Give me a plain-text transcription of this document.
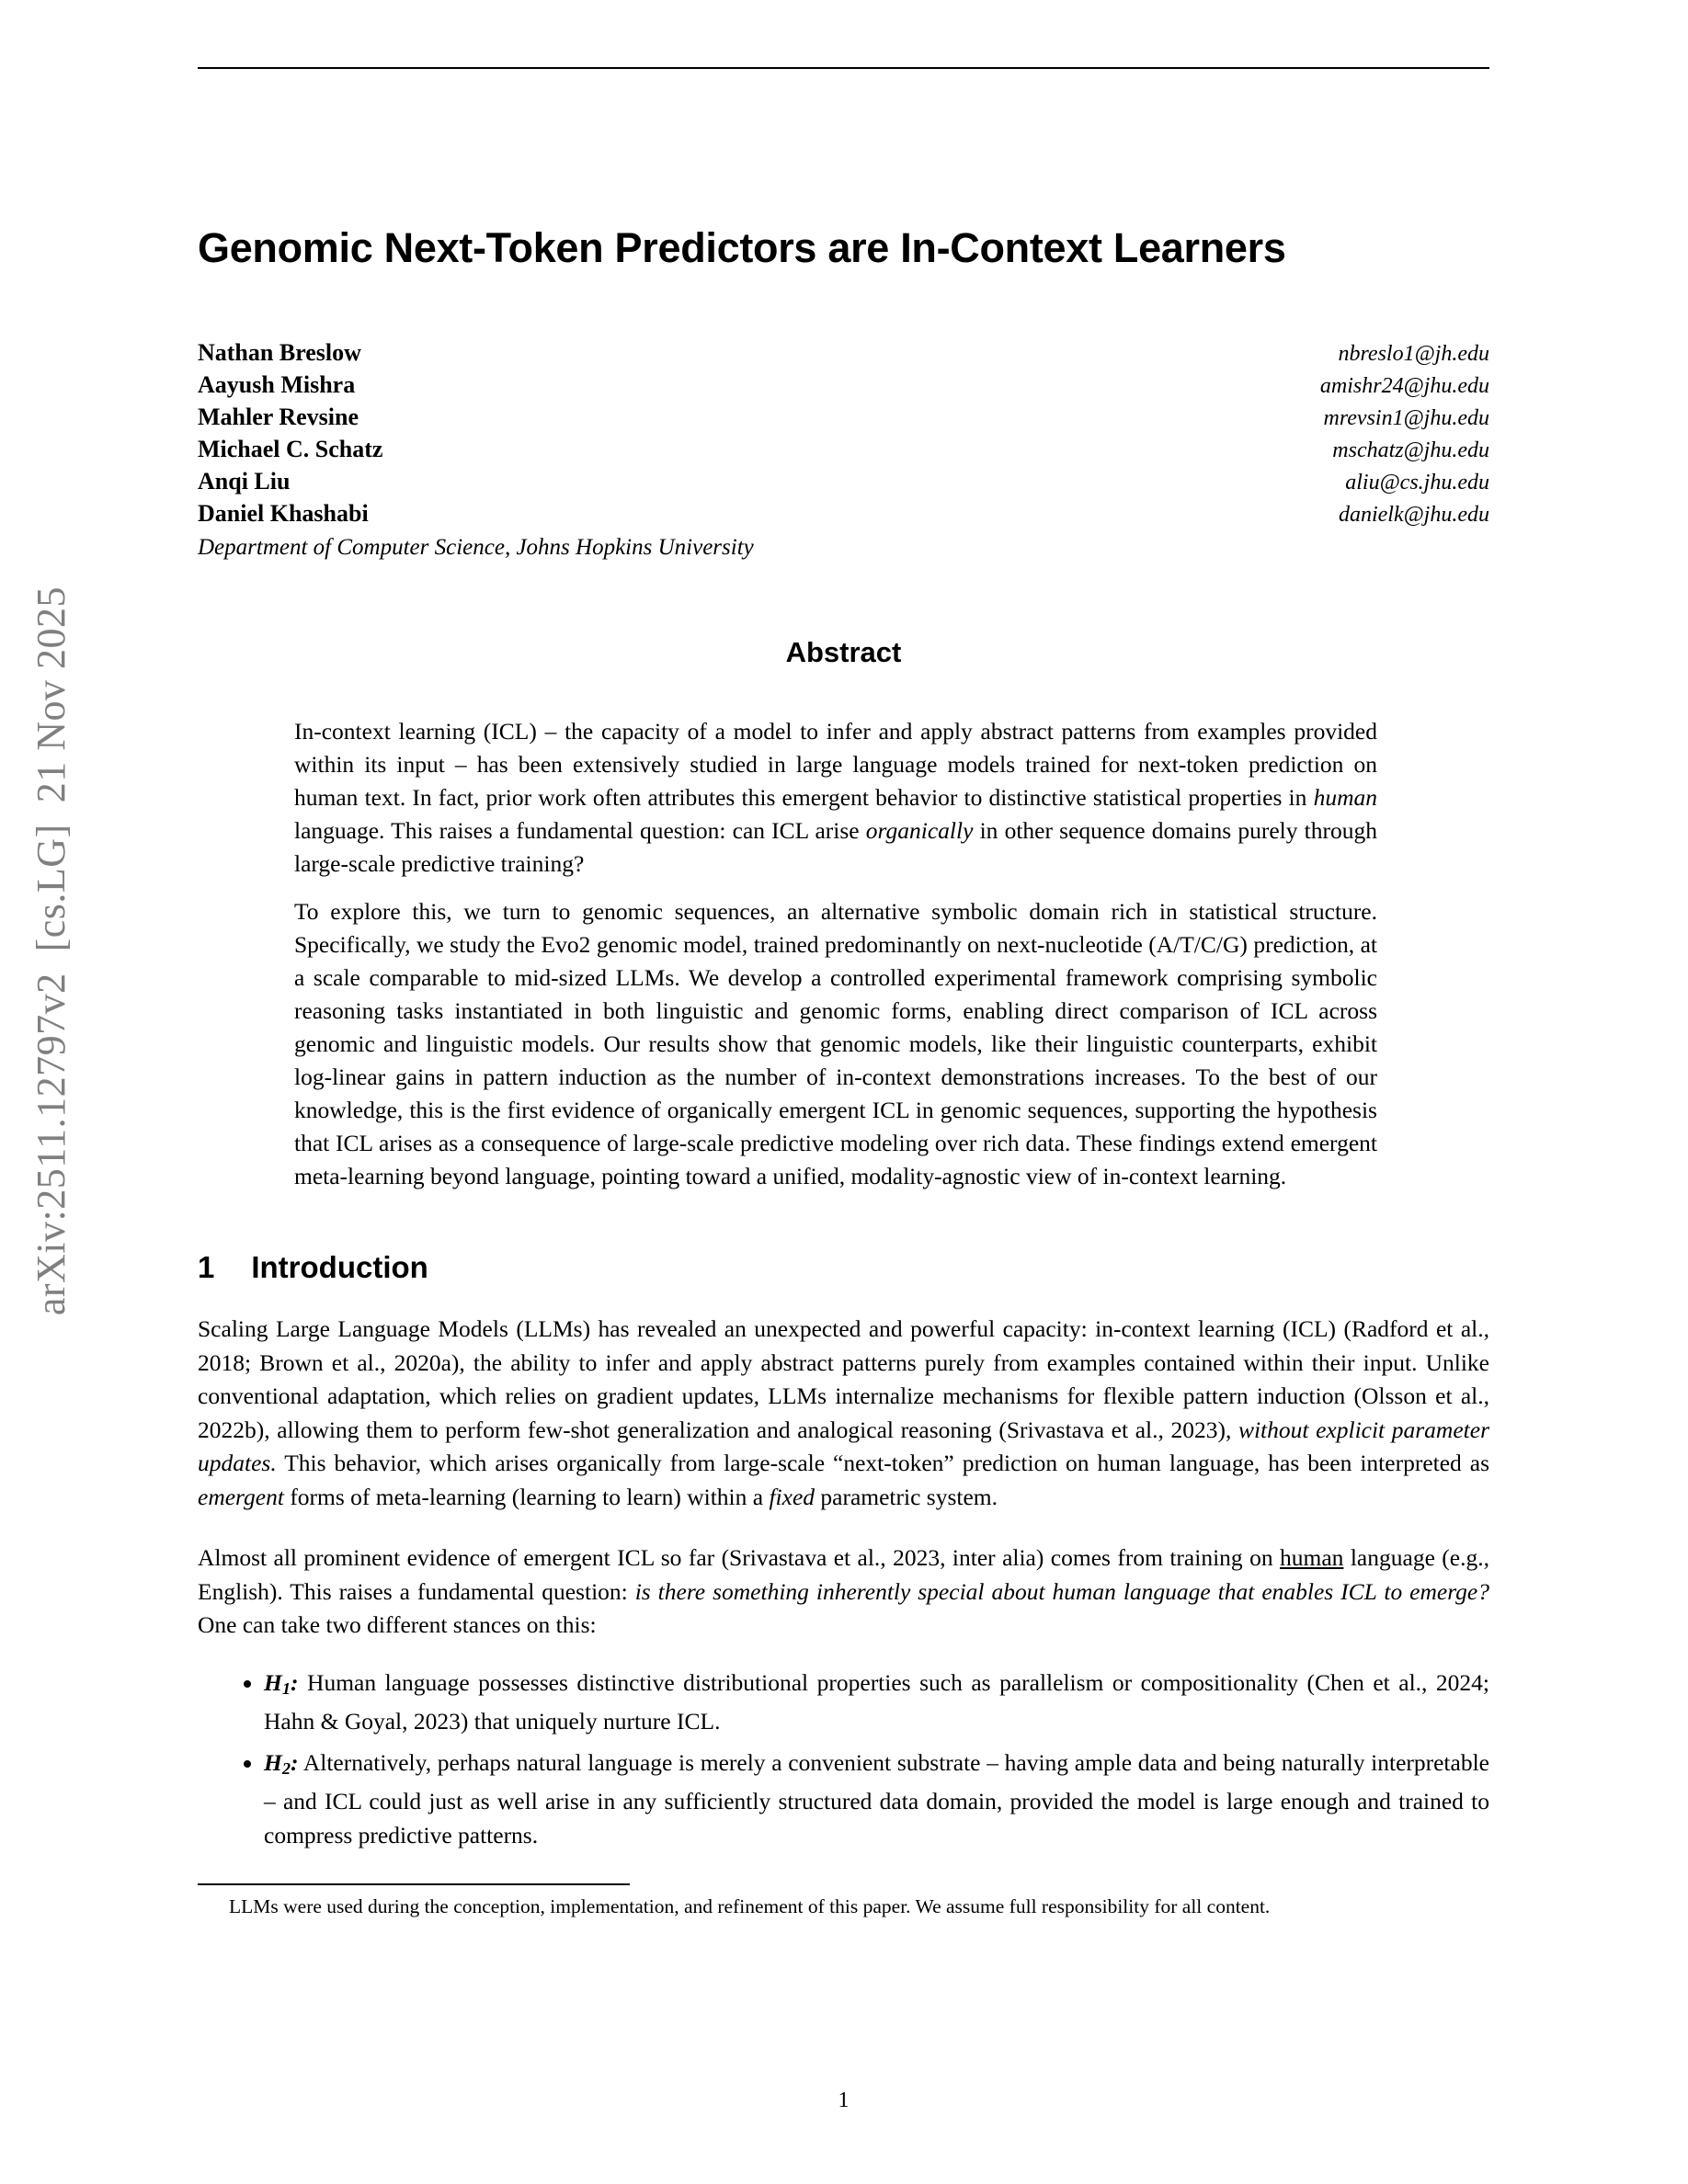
arXiv:2511.12797v2  [cs.LG]  21 Nov 2025
Genomic Next-Token Predictors are In-Context Learners
Nathan Breslow	nbreslo1@jh.edu
Aayush Mishra	amishr24@jhu.edu
Mahler Revsine	mrevsin1@jhu.edu
Michael C. Schatz	mschatz@jhu.edu
Anqi Liu	aliu@cs.jhu.edu
Daniel Khashabi	danielk@jhu.edu
Department of Computer Science, Johns Hopkins University
Abstract

In-context learning (ICL) – the capacity of a model to infer and apply abstract patterns from examples provided within its input – has been extensively studied in large language models trained for next-token prediction on human text. In fact, prior work often attributes this emergent behavior to distinctive statistical properties in human language. This raises a fundamental question: can ICL arise organically in other sequence domains purely through large-scale predictive training?

To explore this, we turn to genomic sequences, an alternative symbolic domain rich in statistical structure. Specifically, we study the Evo2 genomic model, trained predominantly on next-nucleotide (A/T/C/G) prediction, at a scale comparable to mid-sized LLMs. We develop a controlled experimental framework comprising symbolic reasoning tasks instantiated in both linguistic and genomic forms, enabling direct comparison of ICL across genomic and linguistic models. Our results show that genomic models, like their linguistic counterparts, exhibit log-linear gains in pattern induction as the number of in-context demonstrations increases. To the best of our knowledge, this is the first evidence of organically emergent ICL in genomic sequences, supporting the hypothesis that ICL arises as a consequence of large-scale predictive modeling over rich data. These findings extend emergent meta-learning beyond language, pointing toward a unified, modality-agnostic view of in-context learning.

1 Introduction

Scaling Large Language Models (LLMs) has revealed an unexpected and powerful capacity: in-context learning (ICL) (Radford et al., 2018; Brown et al., 2020a), the ability to infer and apply abstract patterns purely from examples contained within their input. Unlike conventional adaptation, which relies on gradient updates, LLMs internalize mechanisms for flexible pattern induction (Olsson et al., 2022b), allowing them to perform few-shot generalization and analogical reasoning (Srivastava et al., 2023), without explicit parameter updates. This behavior, which arises organically from large-scale “next-token” prediction on human language, has been interpreted as emergent forms of meta-learning (learning to learn) within a fixed parametric system.

Almost all prominent evidence of emergent ICL so far (Srivastava et al., 2023, inter alia) comes from training on human language (e.g., English). This raises a fundamental question: is there something inherently special about human language that enables ICL to emerge? One can take two different stances on this:

• H1: Human language possesses distinctive distributional properties such as parallelism or compositionality (Chen et al., 2024; Hahn & Goyal, 2023) that uniquely nurture ICL.
• H2: Alternatively, perhaps natural language is merely a convenient substrate – having ample data and being naturally interpretable – and ICL could just as well arise in any sufficiently structured data domain, provided the model is large enough and trained to compress predictive patterns.

LLMs were used during the conception, implementation, and refinement of this paper. We assume full responsibility for all content.

1
